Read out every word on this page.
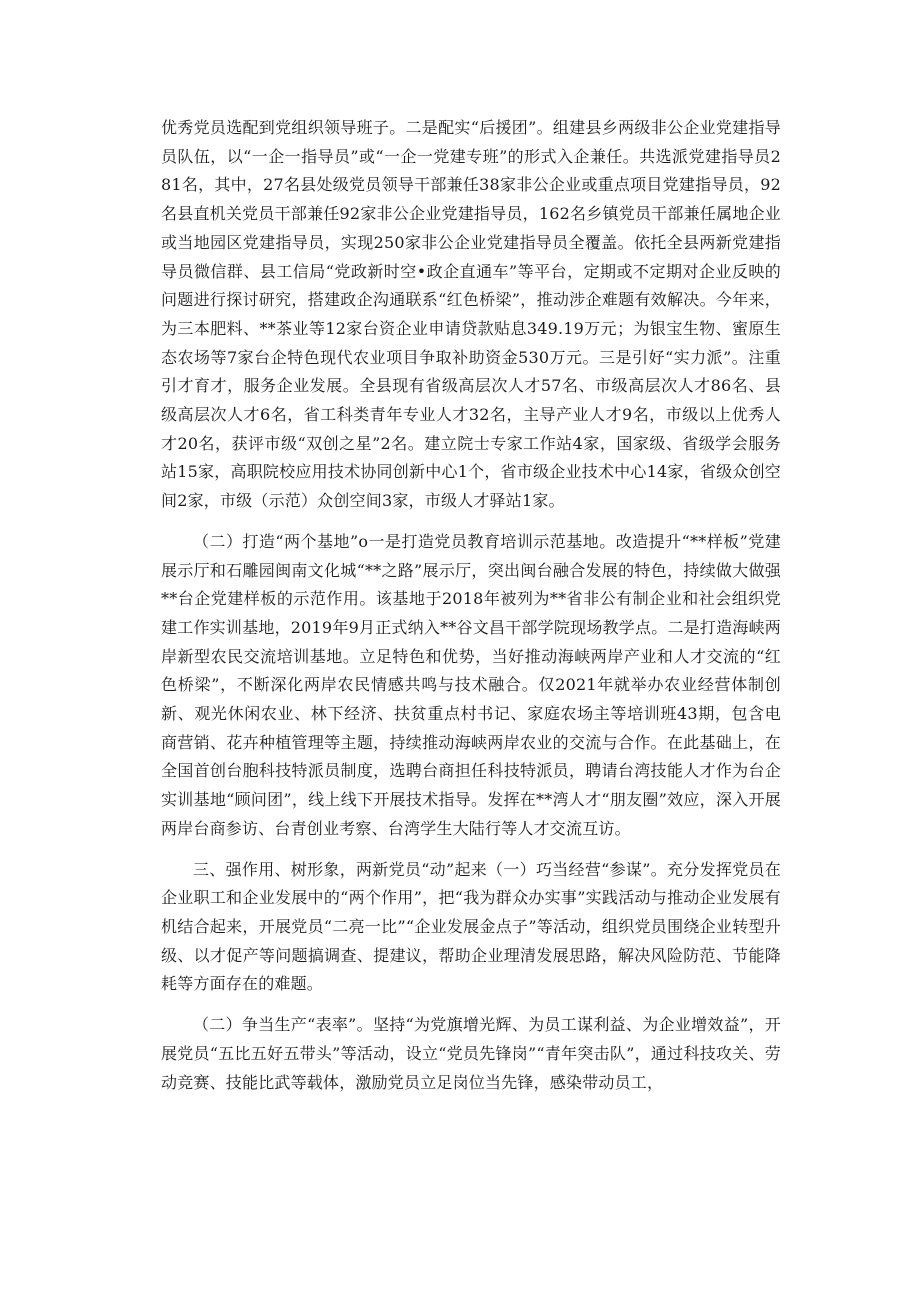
优秀党员选配到党组织领导班子。二是配实“后援团”。组建县乡两级非公企业党建指导员队伍，以“一企一指导员”或“一企一党建专班”的形式入企兼任。共选派党建指导员281名，其中，27名县处级党员领导干部兼任38家非公企业或重点项目党建指导员，92名县直机关党员干部兼任92家非公企业党建指导员，162名乡镇党员干部兼任属地企业或当地园区党建指导员，实现250家非公企业党建指导员全覆盖。依托全县两新党建指导员微信群、县工信局“党政新时空•政企直通车”等平台，定期或不定期对企业反映的问题进行探讨研究，搭建政企沟通联系“红色桥梁”，推动涉企难题有效解决。今年来，为三本肥料、**茶业等12家台资企业申请贷款贴息349.19万元；为银宝生物、蜜原生态农场等7家台企特色现代农业项目争取补助资金530万元。三是引好“实力派”。注重引才育才，服务企业发展。全县现有省级高层次人才57名、市级高层次人才86名、县级高层次人才6名，省工科类青年专业人才32名，主导产业人才9名，市级以上优秀人才20名，获评市级“双创之星”2名。建立院士专家工作站4家，国家级、省级学会服务站15家，高职院校应用技术协同创新中心1个，省市级企业技术中心14家，省级众创空间2家，市级（示范）众创空间3家，市级人才驿站1家。

（二）打造“两个基地”o一是打造党员教育培训示范基地。改造提升“**样板”党建展示厅和石雕园闽南文化城“**之路”展示厅，突出闽台融合发展的特色，持续做大做强**台企党建样板的示范作用。该基地于2018年被列为**省非公有制企业和社会组织党建工作实训基地，2019年9月正式纳入**谷文昌干部学院现场教学点。二是打造海峡两岸新型农民交流培训基地。立足特色和优势，当好推动海峡两岸产业和人才交流的“红色桥梁”，不断深化两岸农民情感共鸣与技术融合。仅2021年就举办农业经营体制创新、观光休闲农业、林下经济、扶贫重点村书记、家庭农场主等培训班43期，包含电商营销、花卉种植管理等主题，持续推动海峡两岸农业的交流与合作。在此基础上，在全国首创台胞科技特派员制度，选聘台商担任科技特派员，聘请台湾技能人才作为台企实训基地“顾问团”，线上线下开展技术指导。发挥在**湾人才“朋友圈”效应，深入开展两岸台商参访、台青创业考察、台湾学生大陆行等人才交流互访。

三、强作用、树形象，两新党员“动”起来（一）巧当经营“参谋”。充分发挥党员在企业职工和企业发展中的“两个作用”，把“我为群众办实事”实践活动与推动企业发展有机结合起来，开展党员“二亮一比”“企业发展金点子”等活动，组织党员围绕企业转型升级、以才促产等问题搞调查、提建议，帮助企业理清发展思路，解决风险防范、节能降耗等方面存在的难题。

（二）争当生产“表率”。坚持“为党旗增光辉、为员工谋利益、为企业增效益”，开展党员“五比五好五带头”等活动，设立“党员先锋岗”“青年突击队”，通过科技攻关、劳动竞赛、技能比武等载体，激励党员立足岗位当先锋，感染带动员工，
